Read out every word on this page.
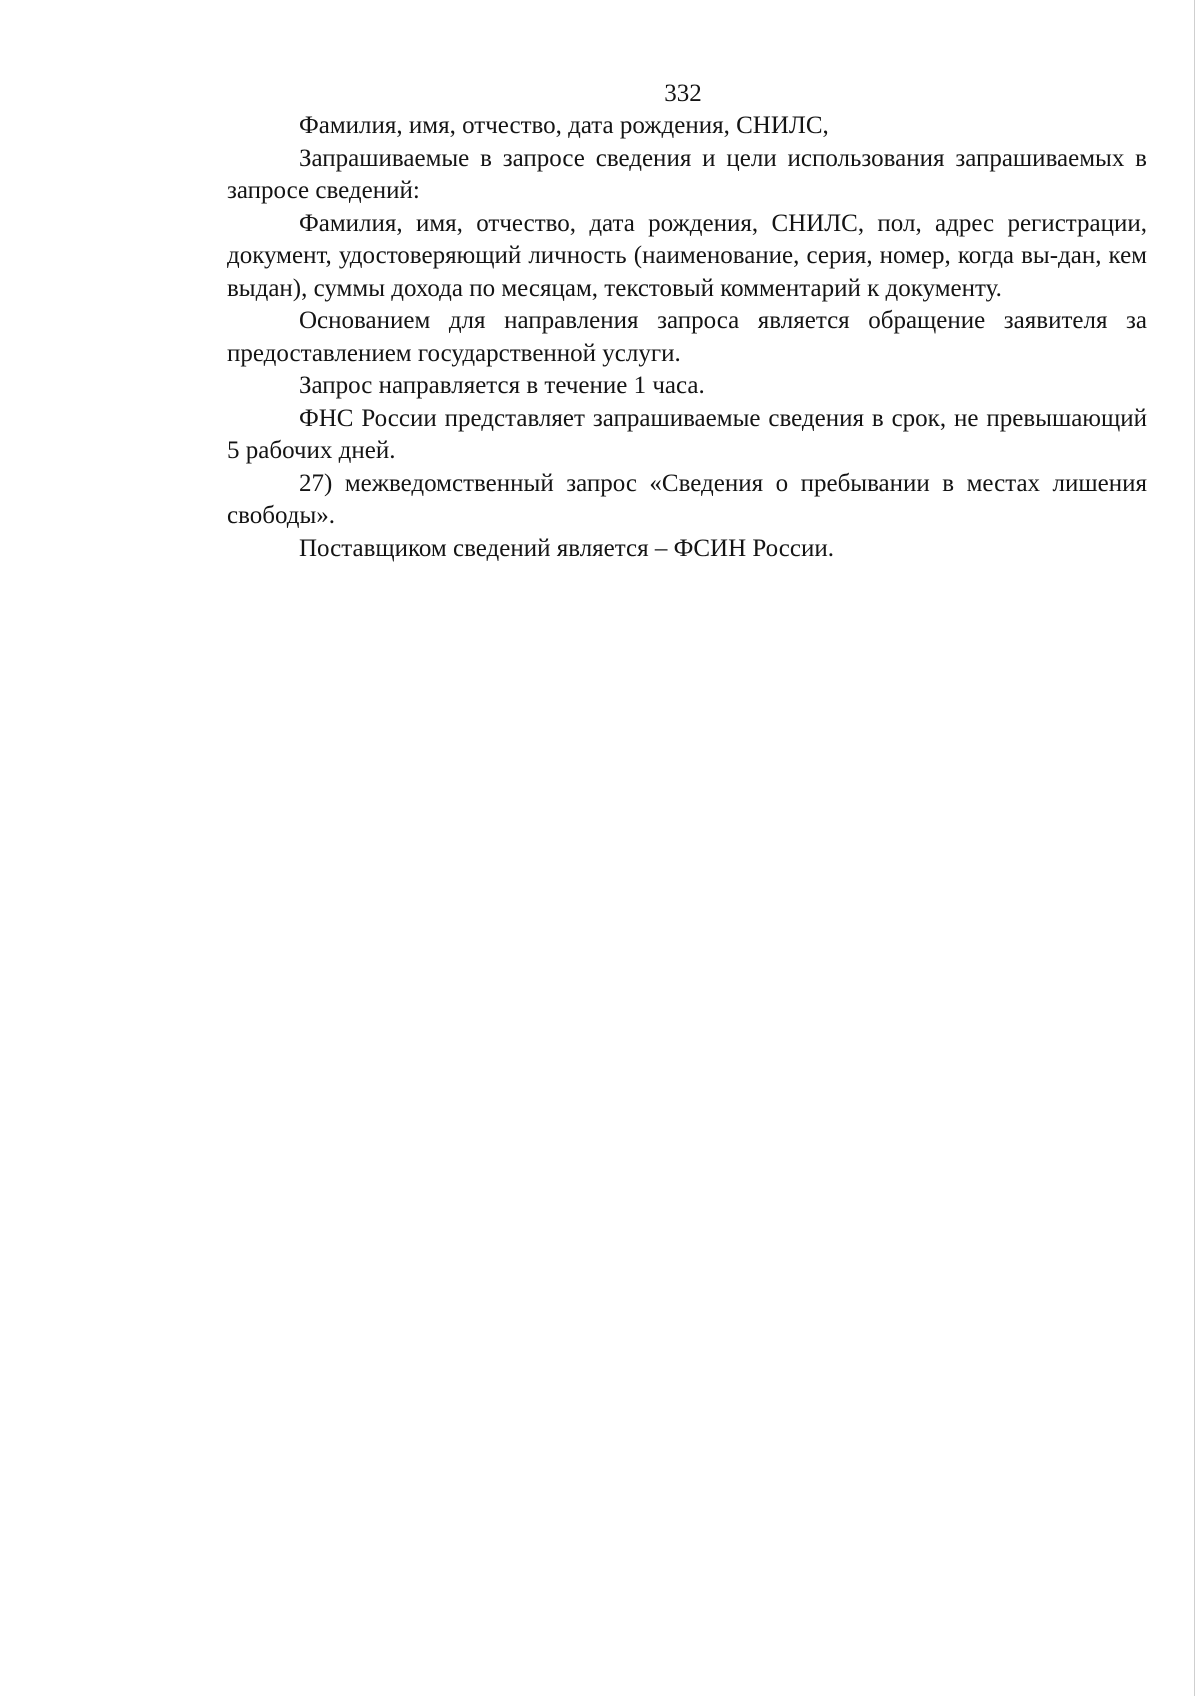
332

Фамилия, имя, отчество, дата рождения, СНИЛС,

Запрашиваемые в запросе сведения и цели использования запрашиваемых в запросе сведений:

Фамилия, имя, отчество, дата рождения, СНИЛС, пол, адрес регистрации, документ, удостоверяющий личность (наименование, серия, номер, когда вы-дан, кем выдан), суммы дохода по месяцам, текстовый комментарий к документу.

Основанием для направления запроса является обращение заявителя за предоставлением государственной услуги.

Запрос направляется в течение 1 часа.

ФНС России представляет запрашиваемые сведения в срок, не превышающий 5 рабочих дней.

27) межведомственный запрос «Сведения о пребывании в местах лишения свободы».

Поставщиком сведений является – ФСИН России.
